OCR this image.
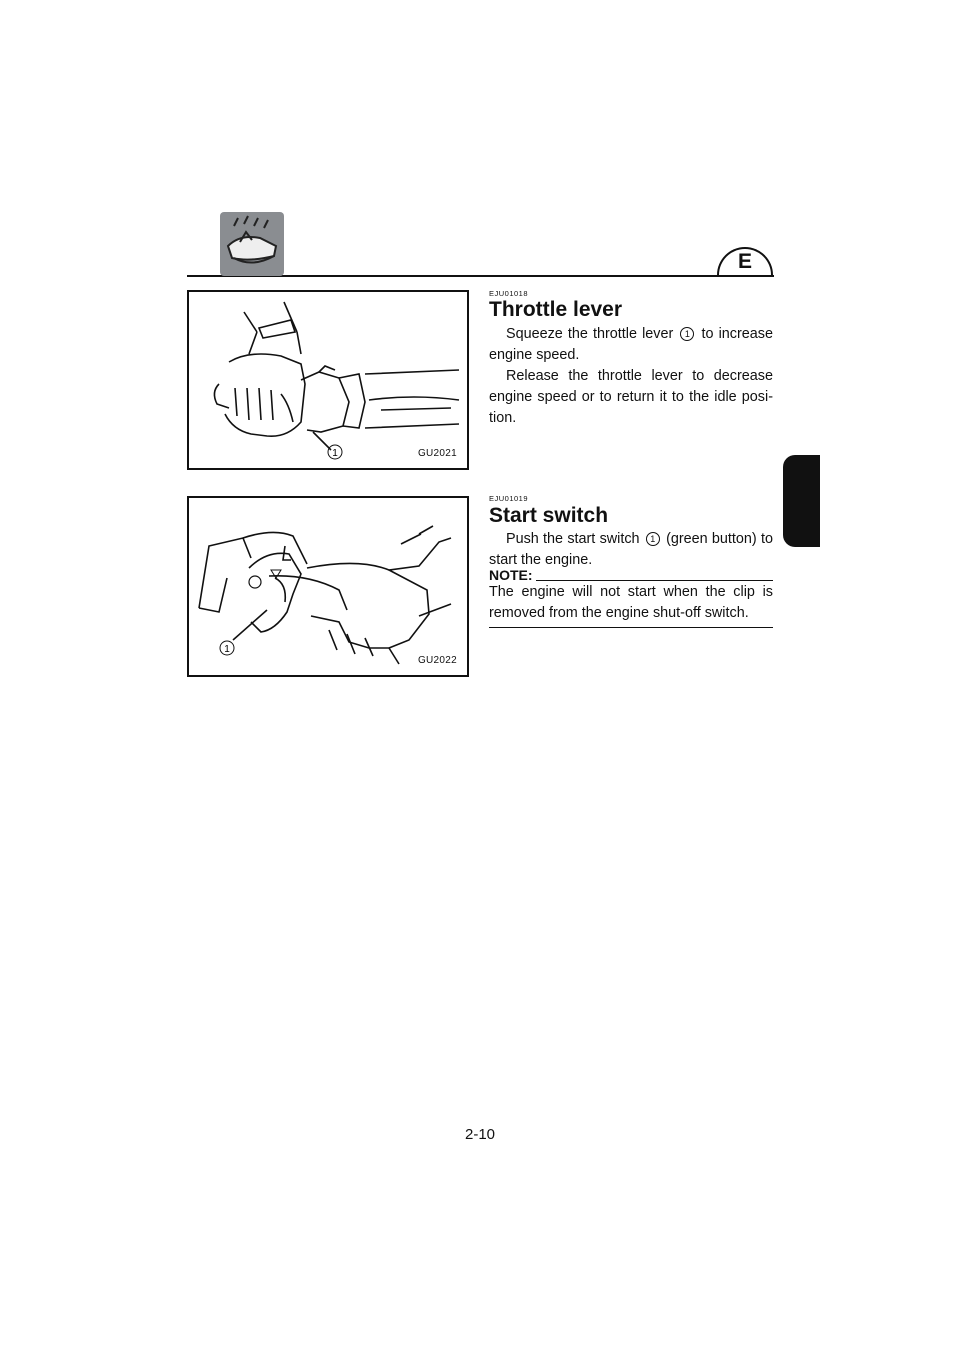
E
1	GU2021
EJU01018
Throttle lever

Squeeze the throttle lever 1 to increase engine speed.

Release the throttle lever to decrease engine speed or to return it to the idle posi-tion.

1
GU2022
EJU01019
Start switch

Push the start switch 1 (green button) to start the engine.

NOTE:

The engine will not start when the clip is removed from the engine shut-off switch.

2-10
